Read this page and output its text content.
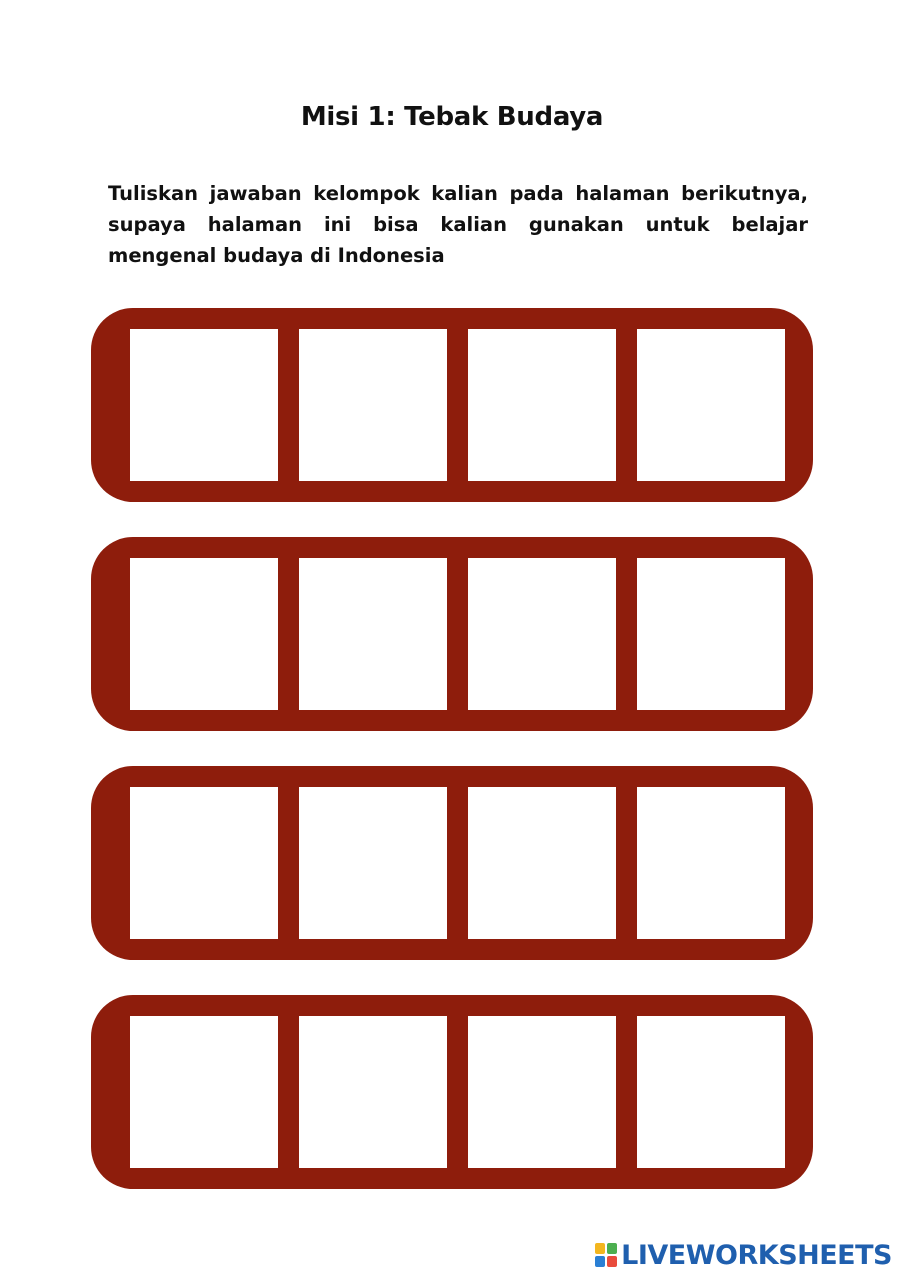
Misi 1: Tebak Budaya
Tuliskan jawaban kelompok kalian pada halaman berikutnya, supaya halaman ini bisa kalian gunakan untuk belajar mengenal budaya di Indonesia
LIVEWORKSHEETS
